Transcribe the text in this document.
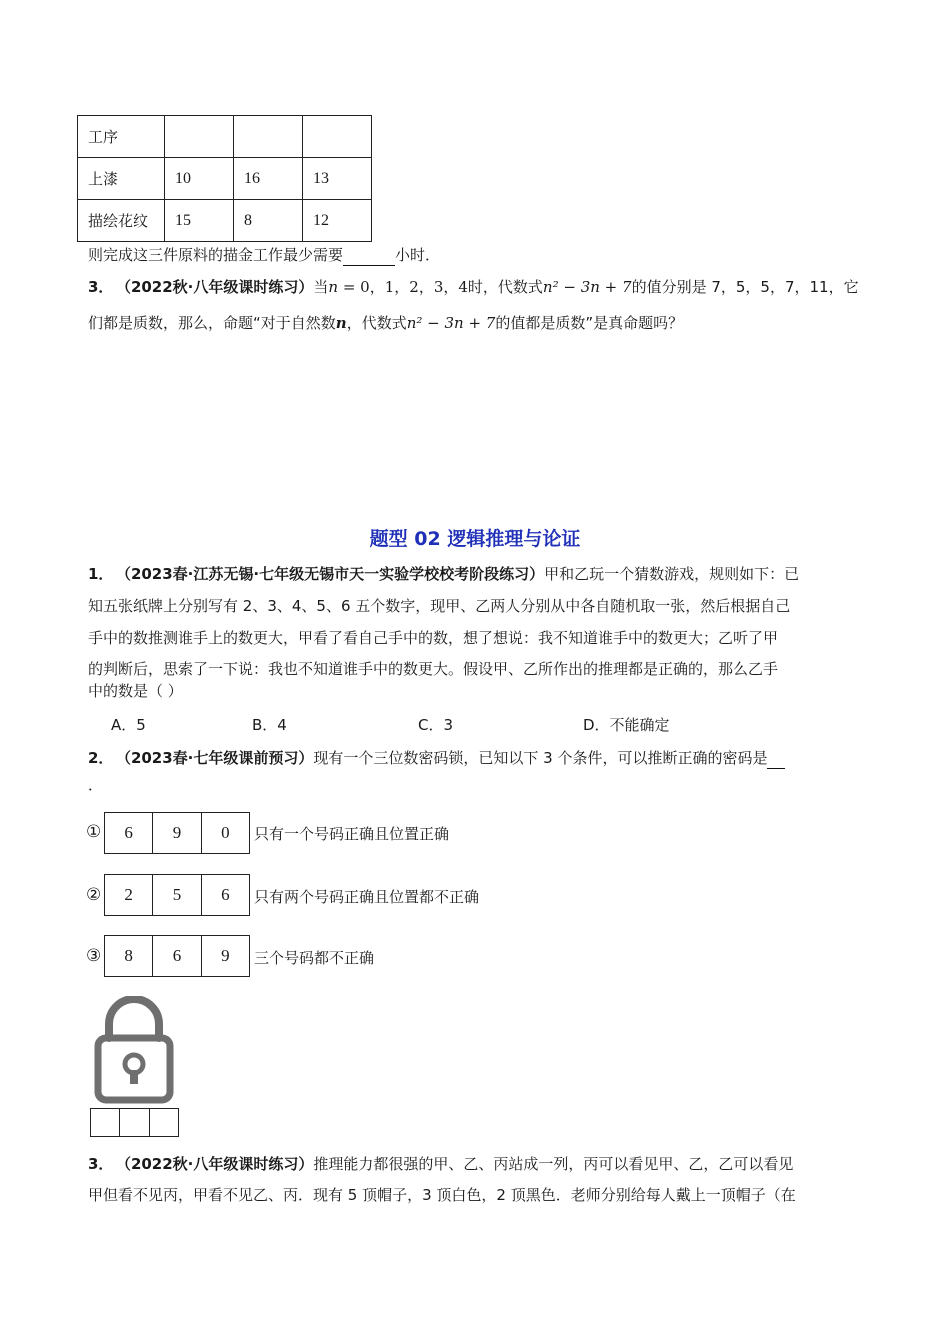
工序			
上漆	10	16	13
描绘花纹	15	8	12
则完成这三件原料的描金工作最少需要	小时．
3． （2022秋·八年级课时练习）当n = 0，1，2，3，4时，代数式n² − 3n + 7的值分别是 7，5，5，7，11，它
们都是质数，那么，命题“对于自然数n，代数式n² − 3n + 7的值都是质数”是真命题吗？
题型 02 逻辑推理与论证
1． （2023春·江苏无锡·七年级无锡市天一实验学校校考阶段练习）甲和乙玩一个猜数游戏，规则如下：已
知五张纸牌上分别写有 2、3、4、5、6 五个数字，现甲、乙两人分别从中各自随机取一张，然后根据自己
手中的数推测谁手上的数更大，甲看了看自己手中的数，想了想说：我不知道谁手中的数更大；乙听了甲
的判断后，思索了一下说：我也不知道谁手中的数更大。假设甲、乙所作出的推理都是正确的，那么乙手
中的数是（ ）
A．5	B．4	C．3	D．不能确定
2． （2023春·七年级课前预习）现有一个三位数密码锁，已知以下 3 个条件，可以推断正确的密码是
．
①	6	9	0	只有一个号码正确且位置正确
②	2	5	6	只有两个号码正确且位置都不正确
③	8	6	9	三个号码都不正确
3． （2022秋·八年级课时练习）推理能力都很强的甲、乙、丙站成一列，丙可以看见甲、乙，乙可以看见
甲但看不见丙，甲看不见乙、丙．现有 5 顶帽子，3 顶白色，2 顶黑色．老师分别给每人戴上一顶帽子（在
